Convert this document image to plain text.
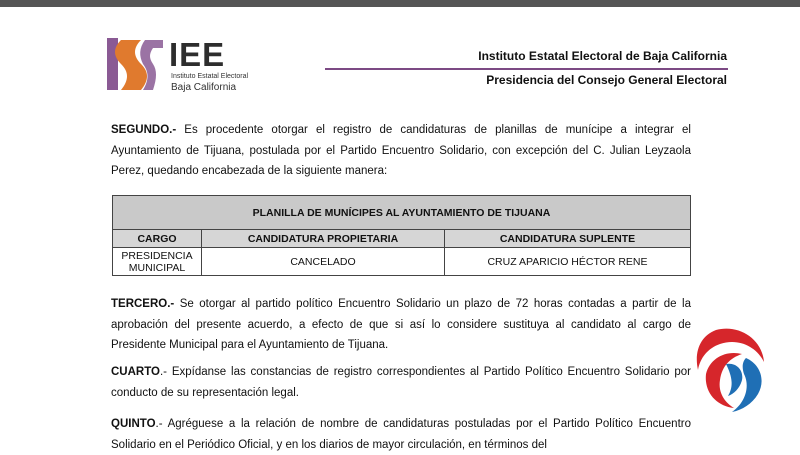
IEE
Instituto Estatal Electoral
Baja California
Instituto Estatal Electoral de Baja California
Presidencia del Consejo General Electoral
SEGUNDO.- Es procedente otorgar el registro de candidaturas de planillas de munícipe a integrar el Ayuntamiento de Tijuana, postulada por el Partido Encuentro Solidario, con excepción del C. Julian Leyzaola Perez, quedando encabezada de la siguiente manera:
PLANILLA DE MUNÍCIPES AL AYUNTAMIENTO DE TIJUANA		
CARGO	CANDIDATURA PROPIETARIA	CANDIDATURA SUPLENTE
PRESIDENCIA MUNICIPAL	CANCELADO	CRUZ APARICIO HÉCTOR RENE
TERCERO.- Se otorgar al partido político Encuentro Solidario un plazo de 72 horas contadas a partir de la aprobación del presente acuerdo, a efecto de que si así lo considere sustituya al candidato al cargo de Presidente Municipal para el Ayuntamiento de Tijuana.
CUARTO.- Expídanse las constancias de registro correspondientes al Partido Político Encuentro Solidario por conducto de su representación legal.
QUINTO.- Agréguese a la relación de nombre de candidaturas postuladas por el Partido Político Encuentro Solidario en el Periódico Oficial, y en los diarios de mayor circulación, en términos del
